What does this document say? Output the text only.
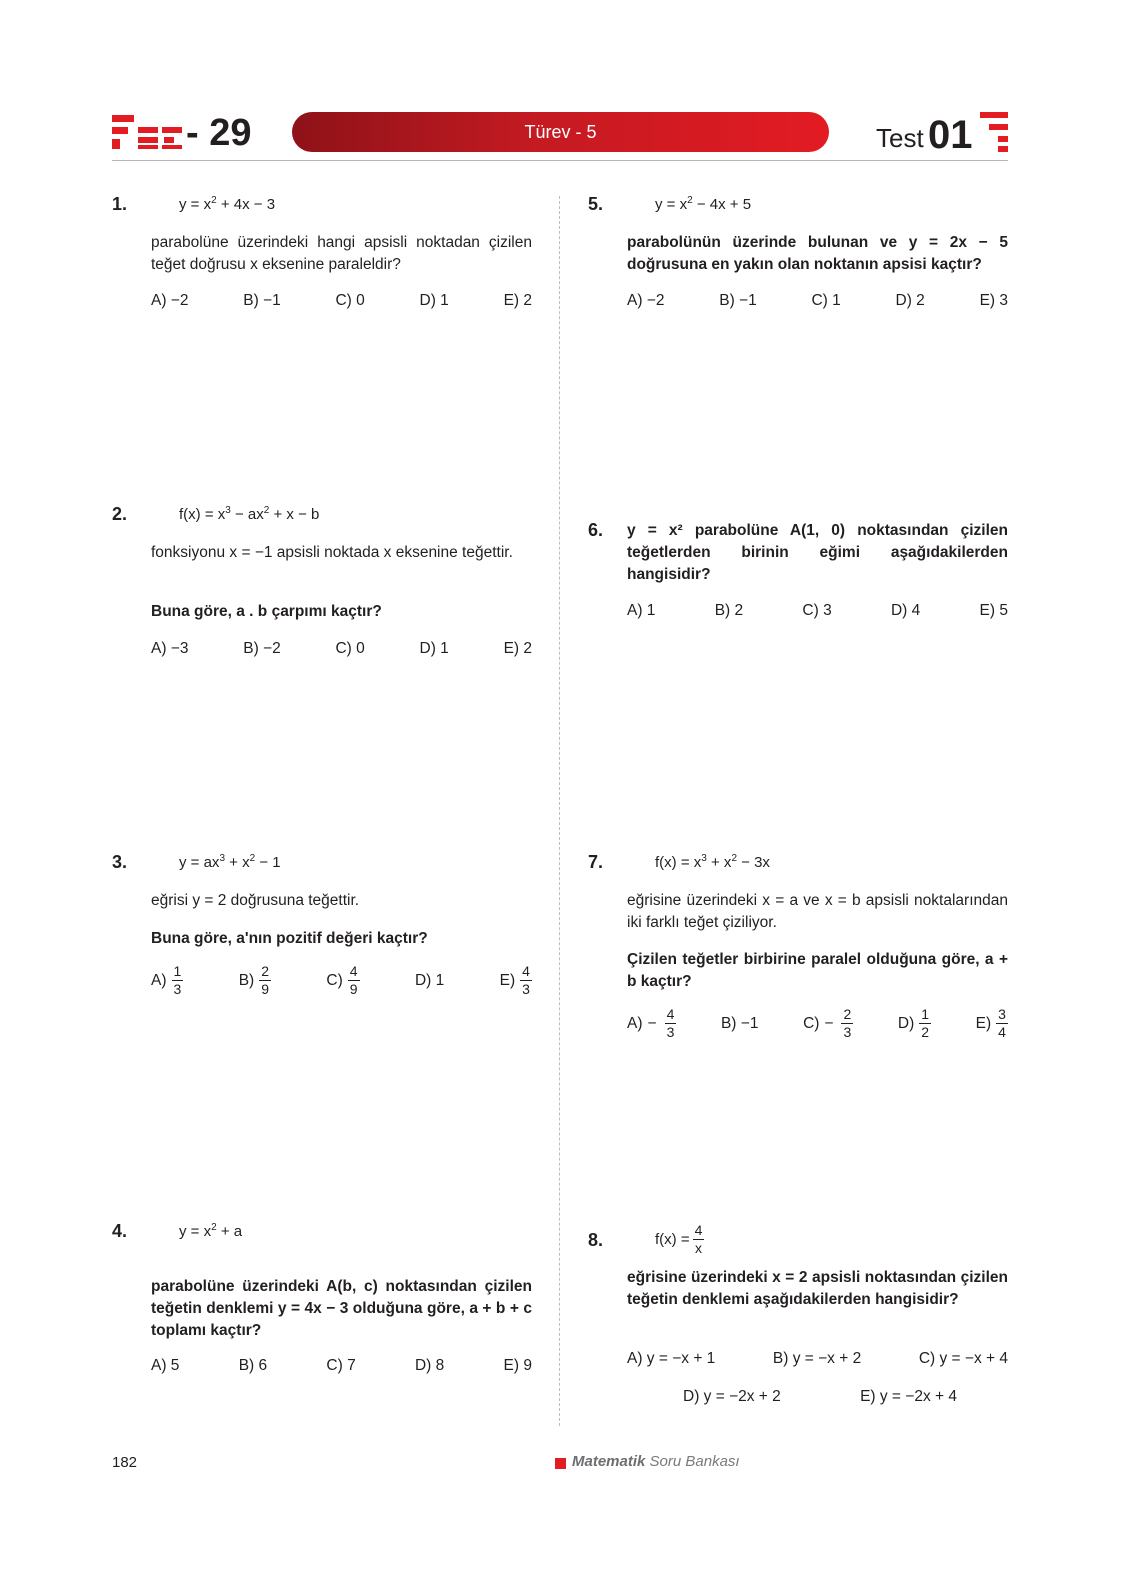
- 29	Türev - 5	Test 01
1.	$y = x^2 + 4x - 3$
parabolüne üzerindeki hangi apsisli noktadan çizilen teğet doğrusu x eksenine paraleldir?
A) −2	B) −1	C) 0	D) 1	E) 2
2.	$f(x) = x^3 - ax^2 + x - b$
fonksiyonu x = −1 apsisli noktada x eksenine teğettir.
Buna göre, a . b çarpımı kaçtır?
A) −3	B) −2	C) 0	D) 1	E) 2
3.	$y = ax^3 + x^2 - 1$
eğrisi y = 2 doğrusuna teğettir.
Buna göre, a'nın pozitif değeri kaçtır?
$A) \frac{1}{3}$	$B) \frac{2}{9}$	$C) \frac{4}{9}$	D) 1	$E) \frac{4}{3}$
4.	$y = x^2 + a$
parabolüne üzerindeki A(b, c) noktasından çizilen teğetin denklemi y = 4x − 3 olduğuna göre, a + b + c toplamı kaçtır?
A) 5	B) 6	C) 7	D) 8	E) 9
5.	$y = x^2 - 4x + 5$
parabolünün üzerinde bulunan ve y = 2x − 5 doğrusuna en yakın olan noktanın apsisi kaçtır?
A) −2	B) −1	C) 1	D) 2	E) 3
6. y = x² parabolüne A(1, 0) noktasından çizilen teğetlerden birinin eğimi aşağıdakilerden hangisidir?
A) 1	B) 2	C) 3	D) 4	E) 5
7.	$f(x) = x^3 + x^2 - 3x$
eğrisine üzerindeki x = a ve x = b apsisli noktalarından iki farklı teğet çiziliyor.
Çizilen teğetler birbirine paralel olduğuna göre, a + b kaçtır?
$A) - \frac{4}{3}$	B) −1	$C) - \frac{2}{3}$	$D) \frac{1}{2}$	$E) \frac{3}{4}$
8.	$f(x) = \frac{4}{x}$
eğrisine üzerindeki x = 2 apsisli noktasından çizilen teğetin denklemi aşağıdakilerden hangisidir?
A) y = −x + 1	B) y = −x + 2	C) y = −x + 4
D) y = −2x + 2	E) y = −2x + 4
182	Matematik Soru Bankası
